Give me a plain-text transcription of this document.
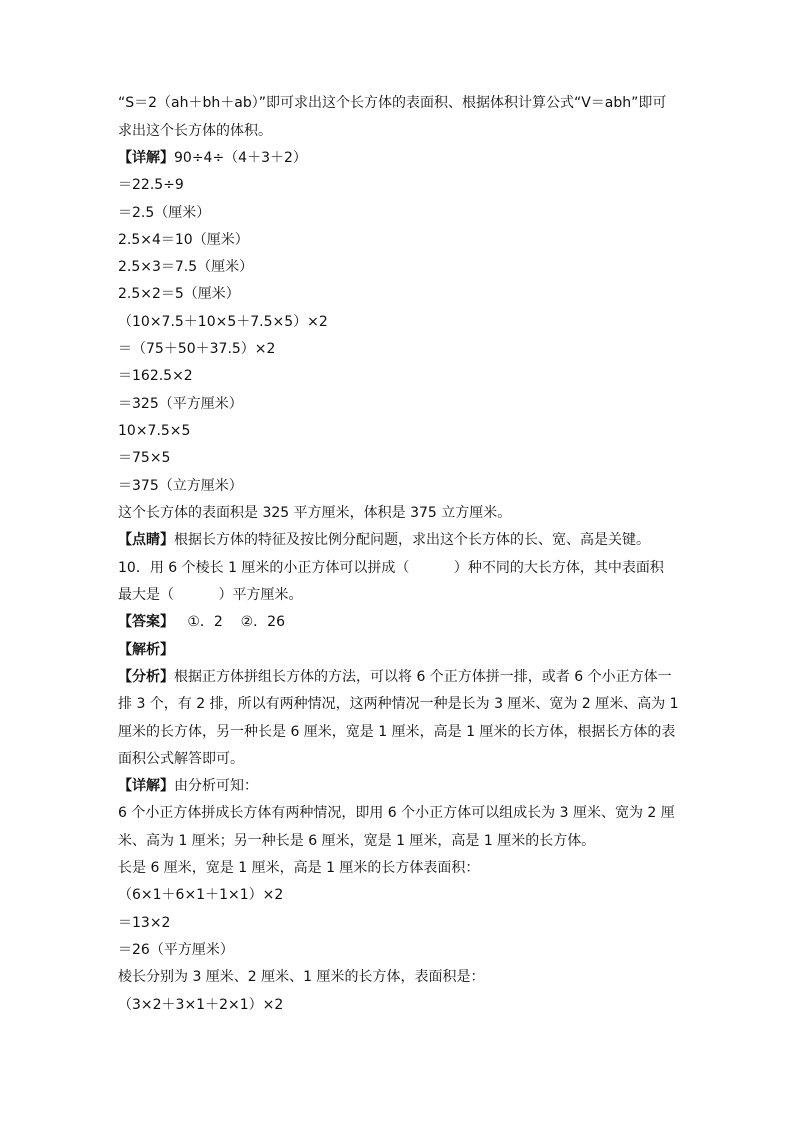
“S＝2（ah＋bh＋ab）”即可求出这个长方体的表面积、根据体积计算公式“V＝abh”即可
求出这个长方体的体积。
【详解】90÷4÷（4＋3＋2）
＝22.5÷9
＝2.5（厘米）
2.5×4＝10（厘米）
2.5×3＝7.5（厘米）
2.5×2＝5（厘米）
（10×7.5＋10×5＋7.5×5）×2
＝（75＋50＋37.5）×2
＝162.5×2
＝325（平方厘米）
10×7.5×5
＝75×5
＝375（立方厘米）
这个长方体的表面积是 325 平方厘米，体积是 375 立方厘米。
【点睛】根据长方体的特征及按比例分配问题，求出这个长方体的长、宽、高是关键。
10．用 6 个棱长 1 厘米的小正方体可以拼成（          ）种不同的大长方体，其中表面积
最大是（          ）平方厘米。
【答案】   ①．2    ②．26
【解析】
【分析】根据正方体拼组长方体的方法，可以将 6 个正方体拼一排，或者 6 个小正方体一
排 3 个，有 2 排，所以有两种情况，这两种情况一种是长为 3 厘米、宽为 2 厘米、高为 1
厘米的长方体，另一种长是 6 厘米，宽是 1 厘米，高是 1 厘米的长方体，根据长方体的表
面积公式解答即可。
【详解】由分析可知：
6 个小正方体拼成长方体有两种情况，即用 6 个小正方体可以组成长为 3 厘米、宽为 2 厘
米、高为 1 厘米；另一种长是 6 厘米，宽是 1 厘米，高是 1 厘米的长方体。
长是 6 厘米，宽是 1 厘米，高是 1 厘米的长方体表面积：
（6×1＋6×1＋1×1）×2
＝13×2
＝26（平方厘米）
棱长分别为 3 厘米、2 厘米、1 厘米的长方体，表面积是：
（3×2＋3×1＋2×1）×2
